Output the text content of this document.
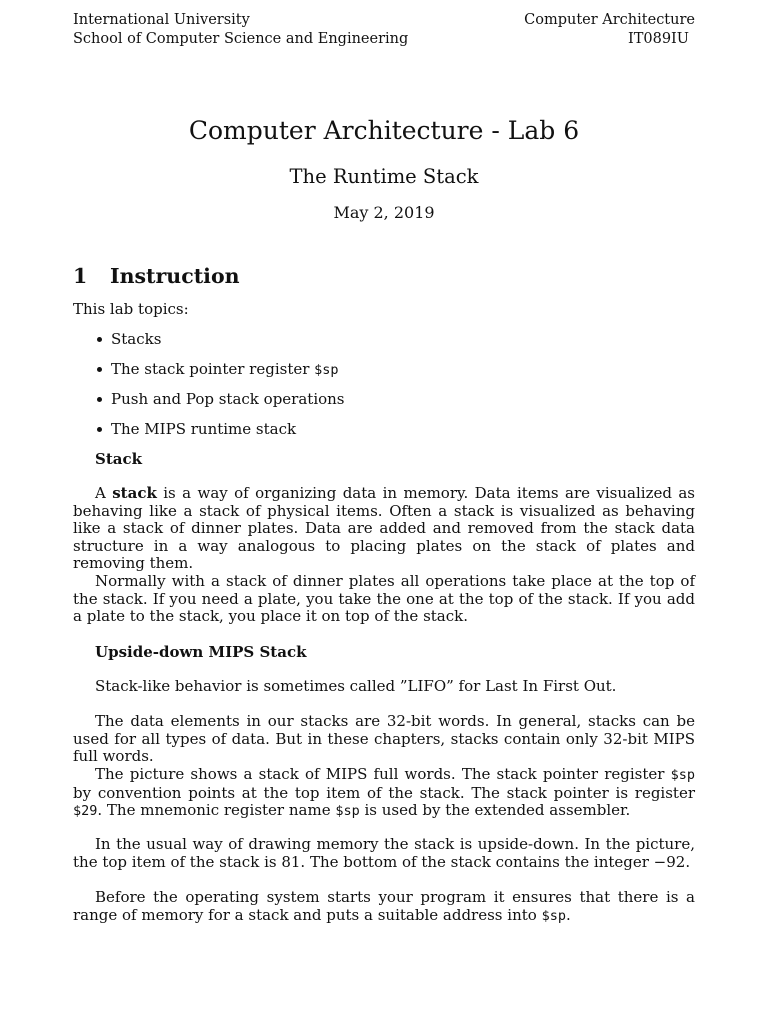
International University
School of Computer Science and Engineering
Computer Architecture
IT089IU
Computer Architecture - Lab 6
The Runtime Stack
May 2, 2019
1 Instruction
This lab topics:
Stacks
The stack pointer register $sp
Push and Pop stack operations
The MIPS runtime stack
Stack
A stack is a way of organizing data in memory. Data items are visualized as behaving like a stack of physical items. Often a stack is visualized as behaving like a stack of dinner plates. Data are added and removed from the stack data structure in a way analogous to placing plates on the stack of plates and removing them.
Normally with a stack of dinner plates all operations take place at the top of the stack. If you need a plate, you take the one at the top of the stack. If you add a plate to the stack, you place it on top of the stack.
Upside-down MIPS Stack
Stack-like behavior is sometimes called ”LIFO” for Last In First Out.
The data elements in our stacks are 32-bit words. In general, stacks can be used for all types of data. But in these chapters, stacks contain only 32-bit MIPS full words.
The picture shows a stack of MIPS full words. The stack pointer register $sp by convention points at the top item of the stack. The stack pointer is register $29. The mnemonic register name $sp is used by the extended assembler.
In the usual way of drawing memory the stack is upside-down. In the picture, the top item of the stack is 81. The bottom of the stack contains the integer −92.
Before the operating system starts your program it ensures that there is a range of memory for a stack and puts a suitable address into $sp.
